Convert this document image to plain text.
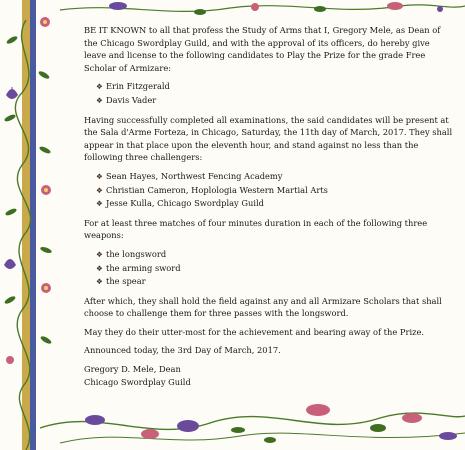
BE IT KNOWN to all that profess the Study of Arms that I, Gregory Mele, as Dean of the Chicago Swordplay Guild, and with the approval of its officers, do hereby give leave and license to the following candidates to Play the Prize for the grade Free Scholar of Armizare:

❖ Erin Fitzgerald
❖ Davis Vader

Having successfully completed all examinations, the said candidates will be present at the Sala d'Arme Forteza, in Chicago, Saturday, the 11th day of March, 2017. They shall appear in that place upon the eleventh hour, and stand against no less than the following three challengers:

❖ Sean Hayes, Northwest Fencing Academy
❖ Christian Cameron, Hoplologia Western Martial Arts
❖ Jesse Kulla, Chicago Swordplay Guild

For at least three matches of four minutes duration in each of the following three weapons:

❖ the longsword
❖ the arming sword
❖ the spear

After which, they shall hold the field against any and all Armizare Scholars that shall choose to challenge them for three passes with the longsword.

May they do their utter-most for the achievement and bearing away of the Prize.

Announced today, the 3rd Day of March, 2017.

Gregory D. Mele, Dean

Chicago Swordplay Guild
